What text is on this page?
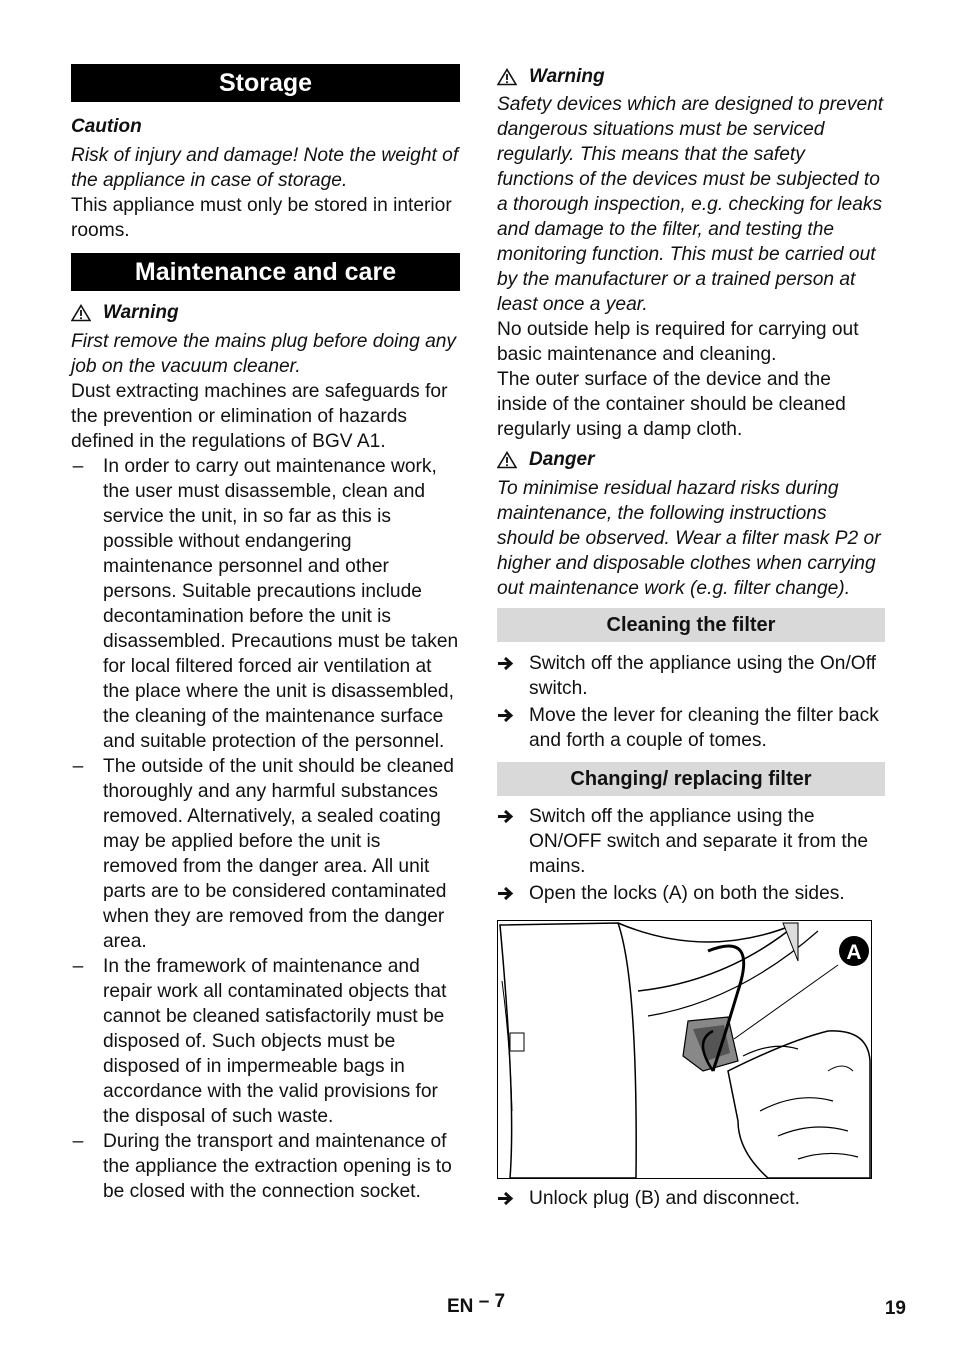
Storage
Caution

Risk of injury and damage! Note the weight of the appliance in case of storage.

This appliance must only be stored in interior rooms.

Maintenance and care
Warning

First remove the mains plug before doing any job on the vacuum cleaner.

Dust extracting machines are safeguards for the prevention or elimination of hazards defined in the regulations of BGV A1.

– In order to carry out maintenance work, the user must disassemble, clean and service the unit, in so far as this is possible without endangering maintenance personnel and other persons. Suitable precautions include decontamination before the unit is disassembled. Precautions must be taken for local filtered forced air ventilation at the place where the unit is disassembled, the cleaning of the maintenance surface and suitable protection of the personnel.
– The outside of the unit should be cleaned thoroughly and any harmful substances removed. Alternatively, a sealed coating may be applied before the unit is removed from the danger area. All unit parts are to be considered contaminated when they are removed from the danger area.
– In the framework of maintenance and repair work all contaminated objects that cannot be cleaned satisfactorily must be disposed of. Such objects must be disposed of in impermeable bags in accordance with the valid provisions for the disposal of such waste.
– During the transport and maintenance of the appliance the extraction opening is to be closed with the connection socket.
Warning

Safety devices which are designed to prevent dangerous situations must be serviced regularly. This means that the safety functions of the devices must be subjected to a thorough inspection, e.g. checking for leaks and damage to the filter, and testing the monitoring function. This must be carried out by the manufacturer or a trained person at least once a year.

No outside help is required for carrying out basic maintenance and cleaning.

The outer surface of the device and the inside of the container should be cleaned regularly using a damp cloth.

Danger

To minimise residual hazard risks during maintenance, the following instructions should be observed. Wear a filter mask P2 or higher and disposable clothes when carrying out maintenance work (e.g. filter change).

Cleaning the filter
Switch off the appliance using the On/Off switch.
Move the lever for cleaning the filter back and forth a couple of tomes.
Changing/ replacing filter
Switch off the appliance using the ON/OFF switch and separate it from the mains.
Open the locks (A) on both the sides.
A
Unlock plug (B) and disconnect.
EN – 7	19
